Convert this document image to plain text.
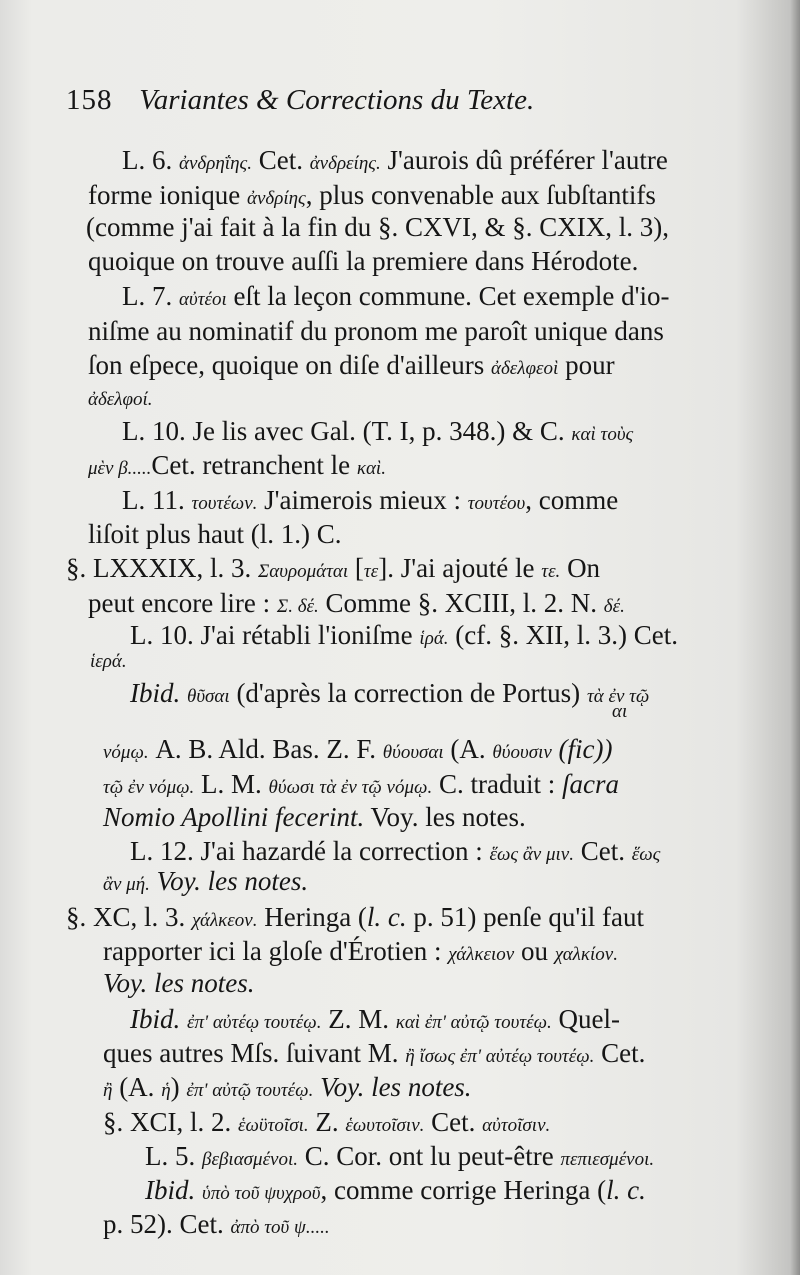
158 Variantes & Corrections du Texte.
L. 6. ἀνδρηΐης. Cet. ἀνδρείης. J'aurois dû préférer l'autre
forme ionique ἀνδρίης, plus convenable aux ſubſtantifs
(comme j'ai fait à la fin du §. CXVI, & §. CXIX, l. 3),
quoique on trouve auſſi la premiere dans Hérodote.
L. 7. αὐτέοι eſt la leçon commune. Cet exemple d'io-
niſme au nominatif du pronom me paroît unique dans
ſon eſpece, quoique on diſe d'ailleurs ἀδελφεοὶ pour
ἀδελφοί.
L. 10. Je lis avec Gal. (T. I, p. 348.) & C. καὶ τοὺς
μὲν β.....Cet. retranchent le καὶ.
L. 11. τουτέων. J'aimerois mieux : τουτέου, comme
liſoit plus haut (l. 1.) C.
§. LXXXIX, l. 3. Σαυρομάται [τε]. J'ai ajouté le τε. On
peut encore lire : Σ. δέ. Comme §. XCIII, l. 2. N. δέ.
L. 10. J'ai rétabli l'ioniſme ἱρά. (cf. §. XII, l. 3.) Cet.
ἱερά.
Ibid. θῦσαι (d'après la correction de Portus) τὰ ἐν τῷ
νόμῳ. A. B. Ald. Bas. Z. F. θύουσαι (A. θύουσιν (fic))
τῷ ἐν νόμῳ. L. M. θύωσι τὰ ἐν τῷ νόμῳ. C. traduit : ſacra
Nomio Apollini fecerint. Voy. les notes.
L. 12. J'ai hazardé la correction : ἕως ἂν μιν. Cet. ἕως
ἂν μή. Voy. les notes.
§. XC, l. 3. χάλκεον. Heringa (l. c. p. 51) penſe qu'il faut
rapporter ici la gloſe d'Érotien : χάλκειον ou χαλκίον.
Voy. les notes.
Ibid. ἐπ' αὐτέῳ τουτέῳ. Z. M. καὶ ἐπ' αὐτῷ τουτέῳ. Quel-
ques autres Mſs. ſuivant M. ἢ ἴσως ἐπ' αὐτέῳ τουτέῳ. Cet.
ἢ (A. ἡ) ἐπ' αὐτῷ τουτέῳ. Voy. les notes.
§. XCI, l. 2. ἑωϋτοῖσι. Z. ἑωυτοῖσιν. Cet. αὐτοῖσιν.
L. 5. βεβιασμένοι. C. Cor. ont lu peut-être πεπιεσμένοι.
Ibid. ὑπὸ τοῦ ψυχροῦ, comme corrige Heringa (l. c.
p. 52). Cet. ἀπὸ τοῦ ψ.....
αι
